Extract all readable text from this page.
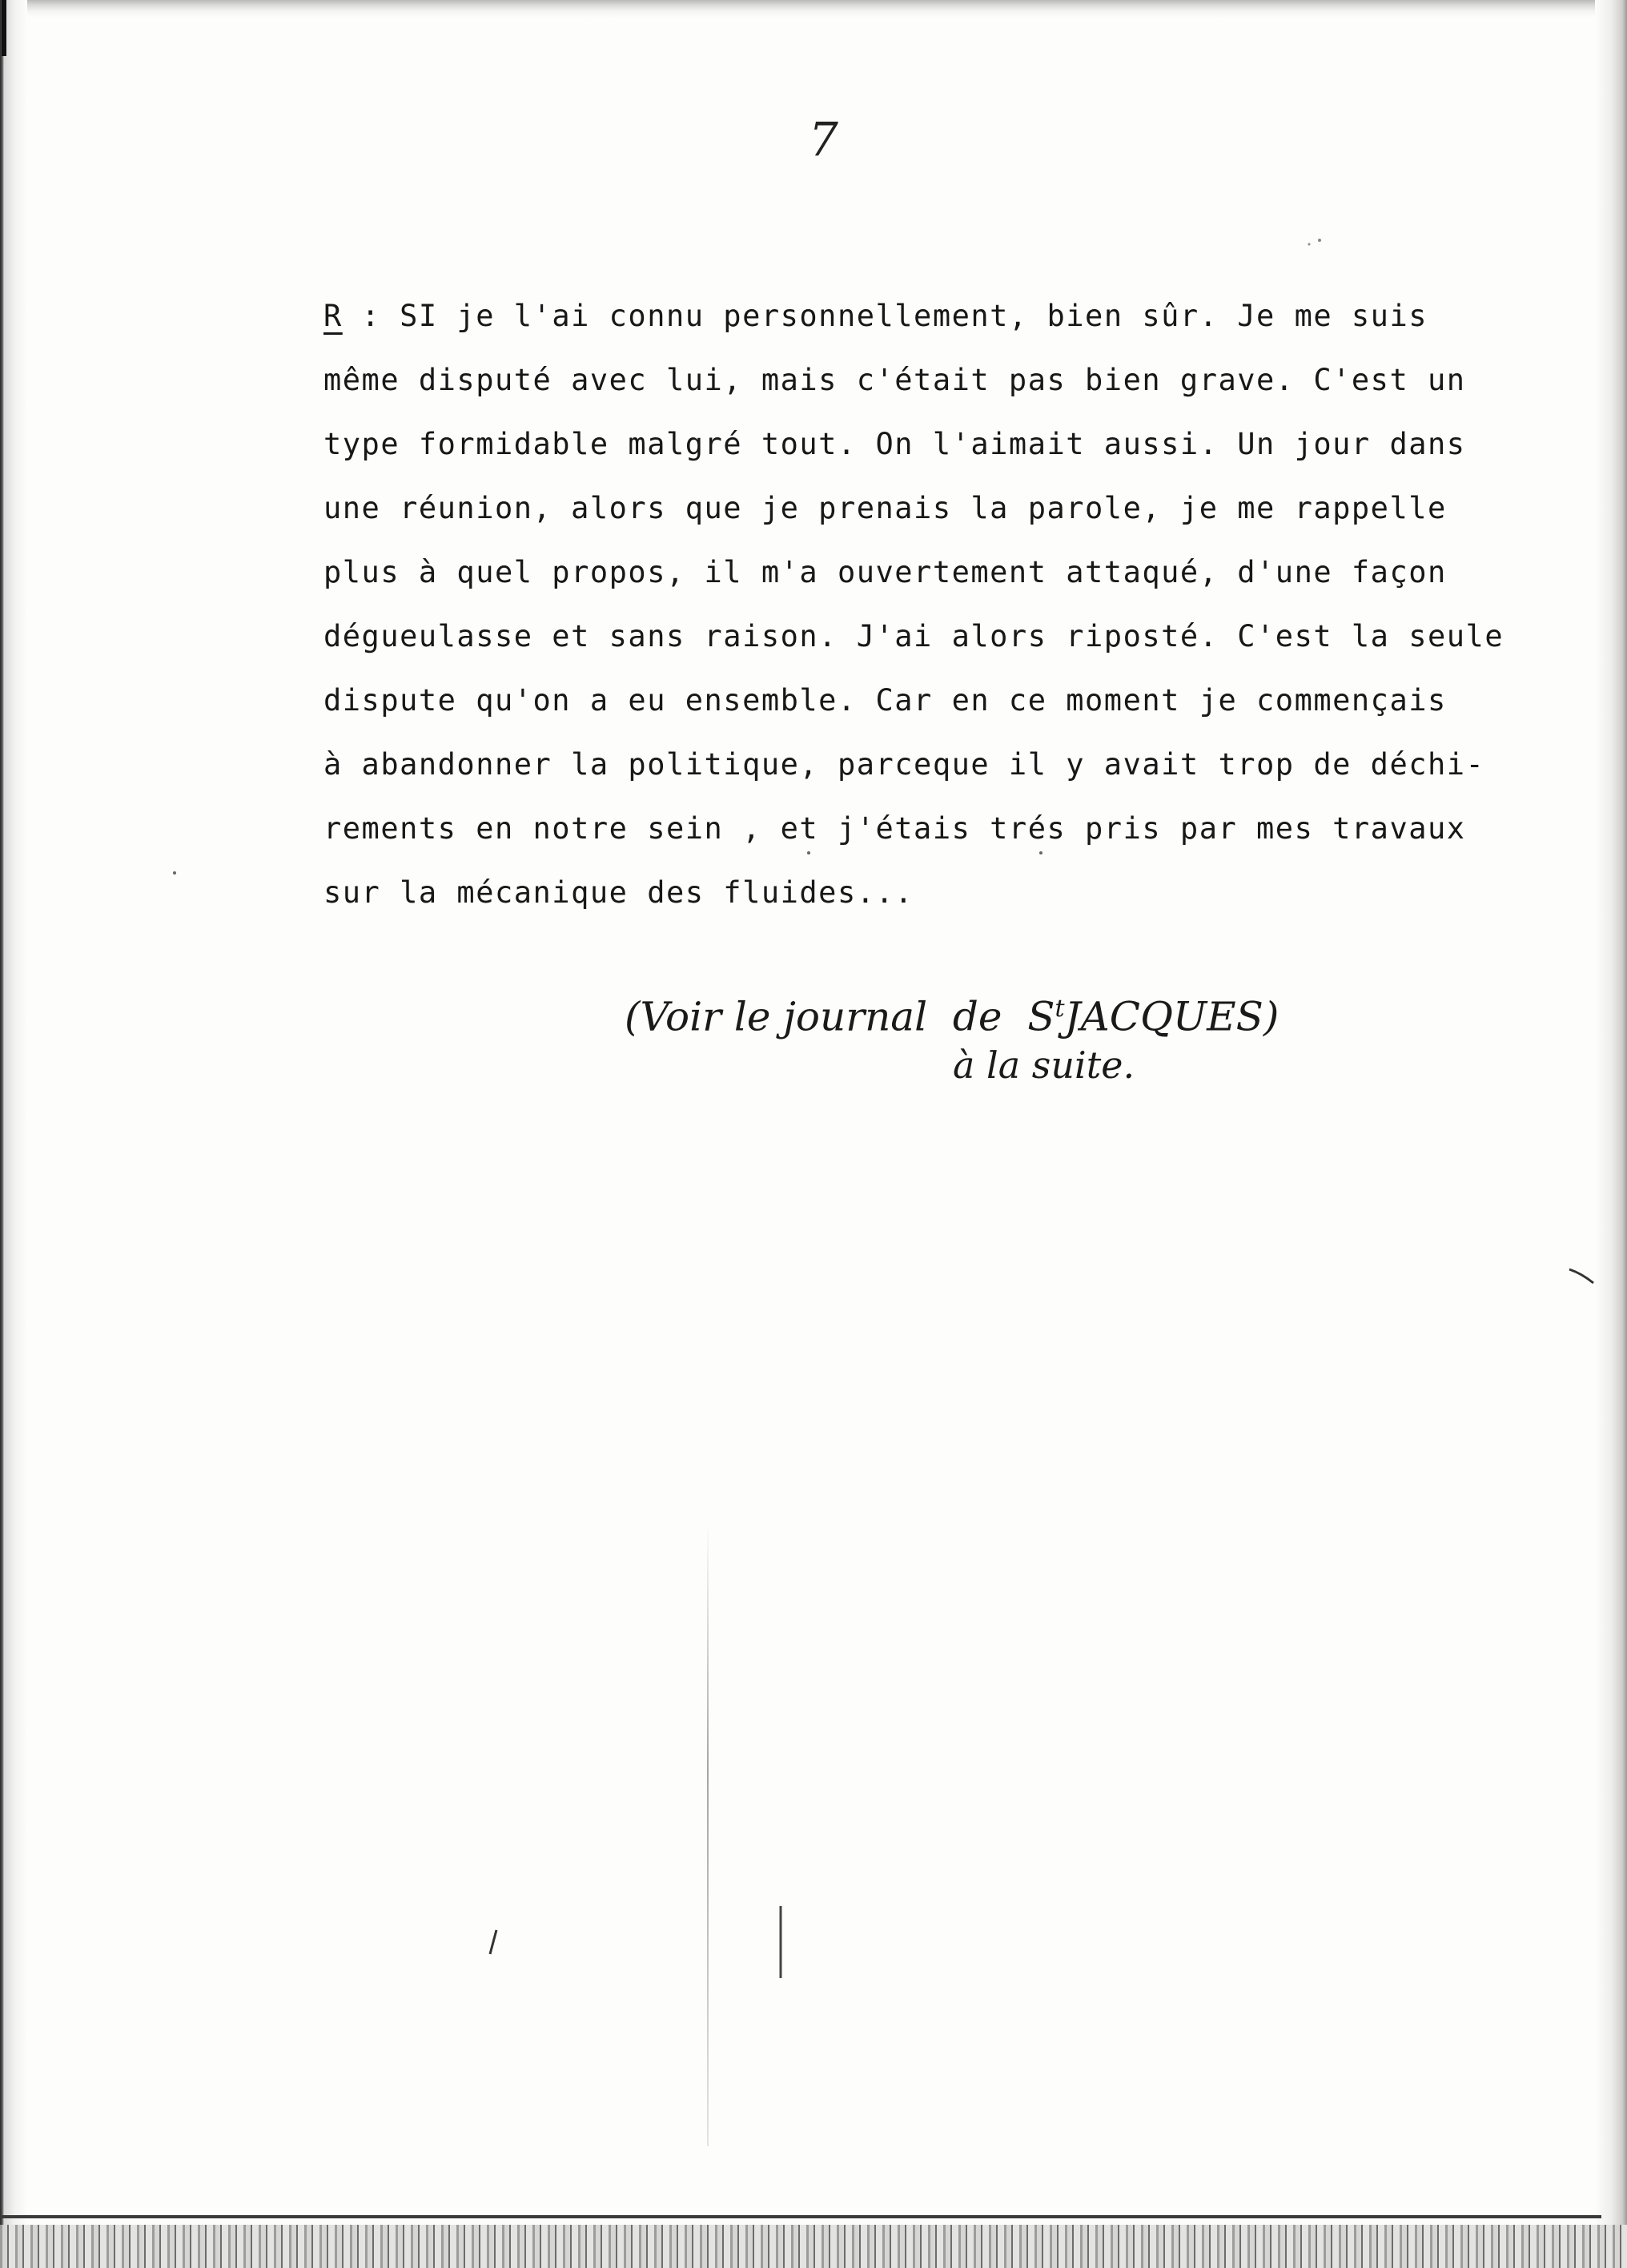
7
R : SI je l'ai connu personnellement, bien sûr. Je me suis
même disputé avec lui, mais c'était pas bien grave. C'est un
type formidable malgré tout. On l'aimait aussi. Un jour dans
une réunion, alors que je prenais la parole, je me rappelle
plus à quel propos, il m'a ouvertement attaqué, d'une façon
dégueulasse et sans raison. J'ai alors riposté. C'est la seule
dispute qu'on a eu ensemble. Car en ce moment je commençais
à abandonner la politique, parceque il y avait trop de déchi-
rements en notre sein , et j'étais trés pris par mes travaux
sur la mécanique des fluides...
(Voir le journal  de  $S^tJACQUES$)
à la suite.
